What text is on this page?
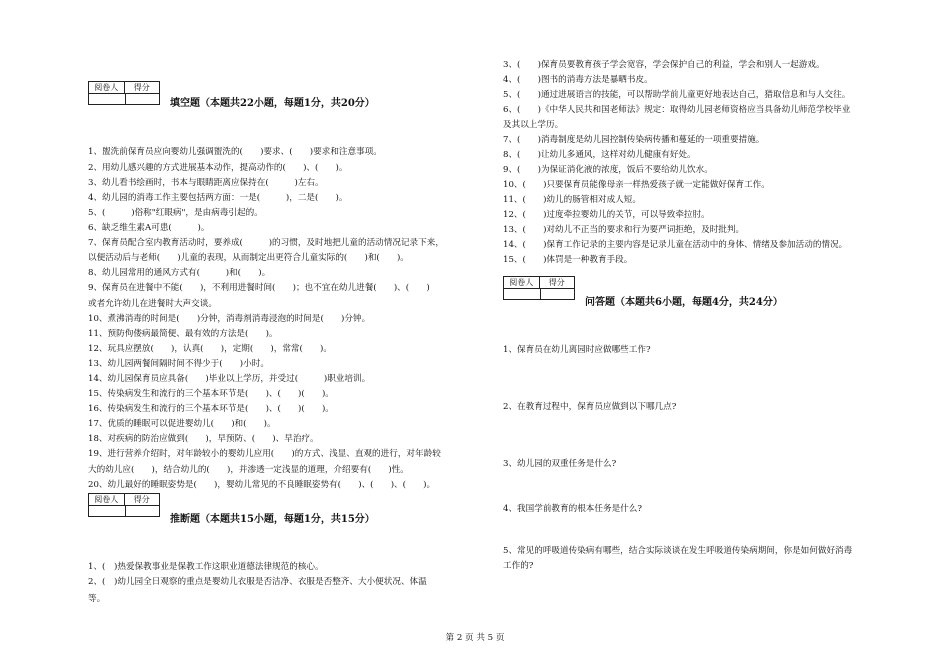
阅卷人	得分
填空题（本题共22小题，每题1分，共20分）
1、盥洗前保育员应向婴幼儿强调盥洗的(　　)要求、(　　)要求和注意事项。
2、用幼儿感兴趣的方式进展基本动作，提高动作的(　　)、(　　)。
3、幼儿看书绘画时，书本与眼睛距离应保持在(　　　)左右。
4、幼儿园的消毒工作主要包括两方面：一是(　　　)，二是(　　)。
5、(　　　)俗称"红眼病"，是由病毒引起的。
6、缺乏维生素A可患(　　　)。
7、保育员配合室内教育活动时，要养成(　　　)的习惯，及时地把儿童的活动情况记录下来，
以便活动后与老师(　　)儿童的表现，从而制定出更符合儿童实际的(　　)和(　　)。
8、幼儿园常用的通风方式有(　　　)和(　　)。
9、保育员在进餐中不能(　　)，不利用进餐时间(　　)；也不宜在幼儿进餐(　　)、(　　)
或者允许幼儿在进餐时大声交谈。
10、煮沸消毒的时间是(　　)分钟，消毒剂消毒浸泡的时间是(　　)分钟。
11、预防佝偻病最简便、最有效的方法是(　　)。
12、玩具应摆放(　　)，认真(　　)，定期(　　)，常常(　　)。
13、幼儿园两餐间隔时间不得少于(　　)小时。
14、幼儿园保育员应具备(　　)毕业以上学历，并受过(　　　)职业培训。
15、传染病发生和流行的三个基本环节是(　　)、(　　)(　　)。
16、传染病发生和流行的三个基本环节是(　　)、(　　)(　　)。
17、优质的睡眠可以促进婴幼儿(　　)和(　　)。
18、对疾病的防治应做到(　　)，早预防、(　　)、早治疗。
19、进行营养介绍时，对年龄较小的婴幼儿应用(　　)的方式、浅显、直观的进行，对年龄较
大的幼儿应(　　)，结合幼儿的(　　)，并渗透一定浅显的道理，介绍要有(　　)性。
20、幼儿最好的睡眠姿势是(　　)，婴幼儿常见的不良睡眠姿势有(　　)、(　　)、(　　)。
阅卷人	得分
推断题（本题共15小题，每题1分，共15分）
1、(　)热爱保教事业是保教工作这职业道德法律规范的核心。
2、(　)幼儿园全日观察的重点是婴幼儿衣服是否洁净、衣服是否整齐、大小便状况、体温
等。
3、(　　)保育员要教育孩子学会宽容，学会保护自己的利益，学会和别人一起游戏。
4、(　　)图书的消毒方法是暴晒书皮。
5、(　　)通过进展语言的技能，可以帮助学前儿童更好地表达自己，猎取信息和与人交往。
6、(　　)《中华人民共和国老师法》规定：取得幼儿园老师资格应当具备幼儿师范学校毕业
及其以上学历。
7、(　　)消毒制度是幼儿园控制传染病传播和蔓延的一项重要措施。
8、(　　)让幼儿多通风，这样对幼儿健康有好处。
9、(　　)为保证消化液的浓度，饭后不要给幼儿饮水。
10、(　　)只要保育员能像母亲一样热爱孩子就一定能做好保育工作。
11、(　　)幼儿的肠管相对成人短。
12、(　　)过度牵拉婴幼儿的关节，可以导致牵拉肘。
13、(　　)对幼儿不正当的要求和行为要严词拒绝，及时批判。
14、(　　)保育工作记录的主要内容是记录儿童在活动中的身体、情绪及参加活动的情况。
15、(　　)体罚是一种教育手段。
阅卷人	得分
问答题（本题共6小题，每题4分，共24分）
1、保育员在幼儿离园时应做哪些工作?
2、在教育过程中，保育员应做到以下哪几点?
3、幼儿园的双重任务是什么?
4、我国学前教育的根本任务是什么?
5、常见的呼吸道传染病有哪些，结合实际谈谈在发生呼吸道传染病期间，你是如何做好消毒
工作的?
第 2 页 共 5 页
